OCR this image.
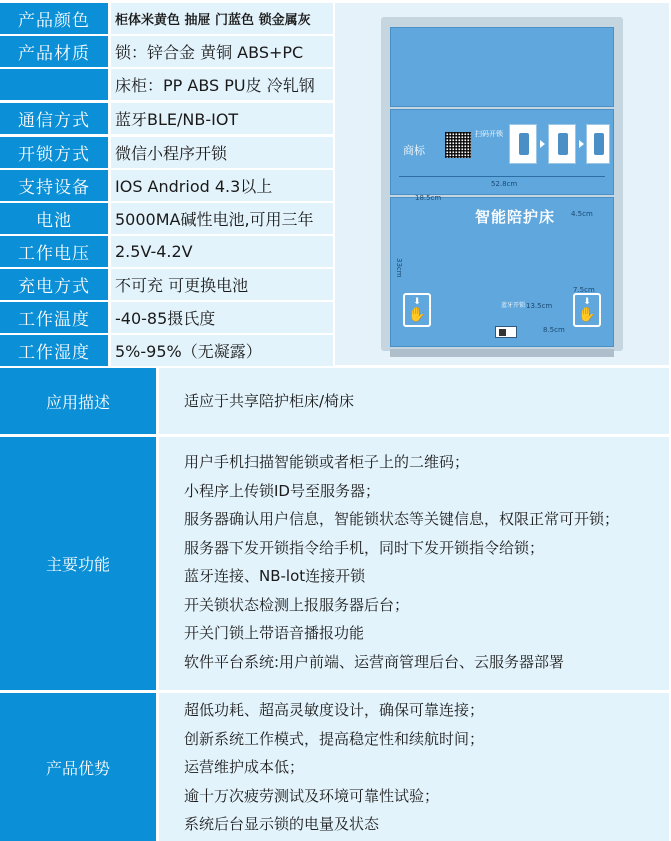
产品颜色	柜体米黄色 抽屉 门蓝色 锁金属灰
产品材质	锁：锌合金 黄铜 ABS+PC
床柜：PP ABS PU皮 冷轧钢
通信方式	蓝牙BLE/NB-IOT
开锁方式	微信小程序开锁
支持设备	IOS Andriod 4.3以上
电池	5000MA碱性电池,可用三年
工作电压	2.5V-4.2V
充电方式	不可充 可更换电池
工作温度	-40-85摄氏度
工作湿度	5%-95%（无凝露）
商标
扫码开锁
52.8cm
18.5cm
智能陪护床 4.5cm
33cm
⬇
✋
蓝牙开锁 13.5cm
7.5cm
8.5cm
⬇
✋
应用描述	适应于共享陪护柜床/椅床
主要功能
用户手机扫描智能锁或者柜子上的二维码；
小程序上传锁ID号至服务器；
服务器确认用户信息，智能锁状态等关键信息，权限正常可开锁；
服务器下发开锁指令给手机，同时下发开锁指令给锁；
蓝牙连接、NB-lot连接开锁
开关锁状态检测上报服务器后台；
开关门锁上带语音播报功能
软件平台系统:用户前端、运营商管理后台、云服务器部署
产品优势
超低功耗、超高灵敏度设计，确保可靠连接；
创新系统工作模式，提高稳定性和续航时间；
运营维护成本低；
逾十万次疲劳测试及环境可靠性试验；
系统后台显示锁的电量及状态
